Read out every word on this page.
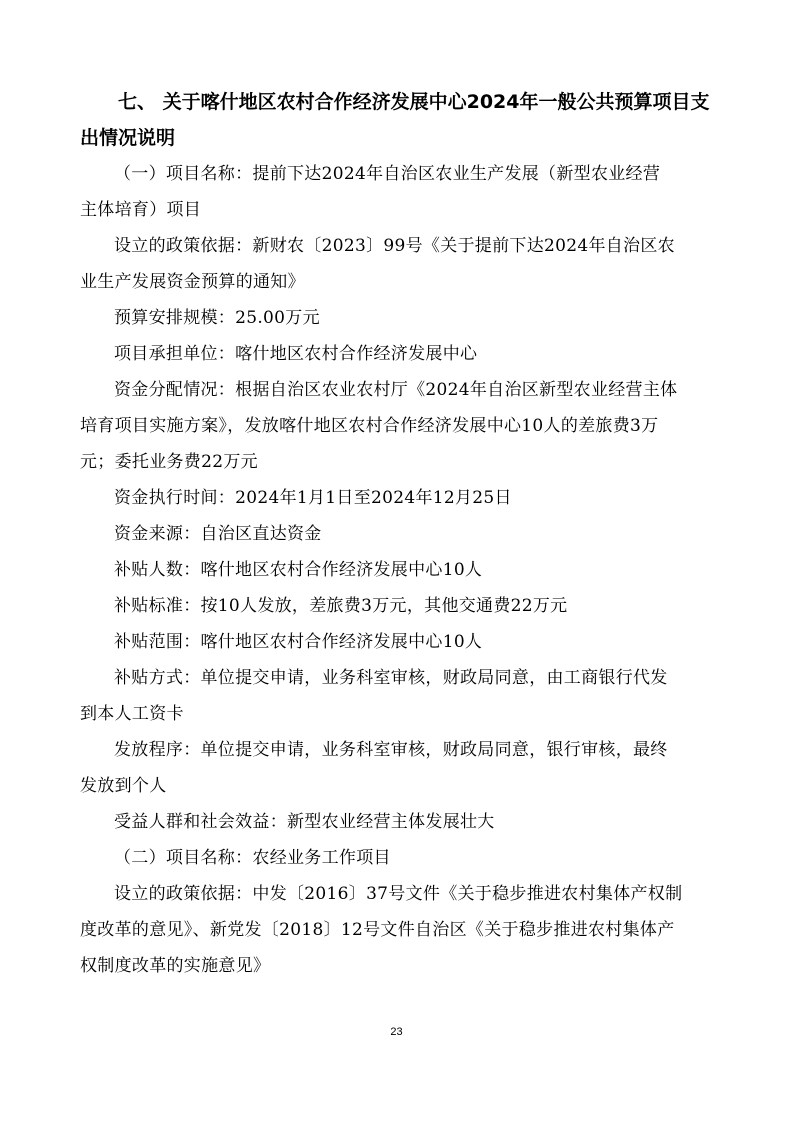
七、 关于喀什地区农村合作经济发展中心2024年一般公共预算项目支
出情况说明
（一）项目名称：提前下达2024年自治区农业生产发展（新型农业经营
主体培育）项目
设立的政策依据：新财农〔2023〕99号《关于提前下达2024年自治区农
业生产发展资金预算的通知》
预算安排规模：25.00万元
项目承担单位：喀什地区农村合作经济发展中心
资金分配情况：根据自治区农业农村厅《2024年自治区新型农业经营主体
培育项目实施方案》，发放喀什地区农村合作经济发展中心10人的差旅费3万
元；委托业务费22万元
资金执行时间：2024年1月1日至2024年12月25日
资金来源：自治区直达资金
补贴人数：喀什地区农村合作经济发展中心10人
补贴标准：按10人发放，差旅费3万元，其他交通费22万元
补贴范围：喀什地区农村合作经济发展中心10人
补贴方式：单位提交申请，业务科室审核，财政局同意，由工商银行代发
到本人工资卡
发放程序：单位提交申请，业务科室审核，财政局同意，银行审核，最终
发放到个人
受益人群和社会效益：新型农业经营主体发展壮大
（二）项目名称：农经业务工作项目
设立的政策依据：中发〔2016〕37号文件《关于稳步推进农村集体产权制
度改革的意见》、新党发〔2018〕12号文件自治区《关于稳步推进农村集体产
权制度改革的实施意见》
23
